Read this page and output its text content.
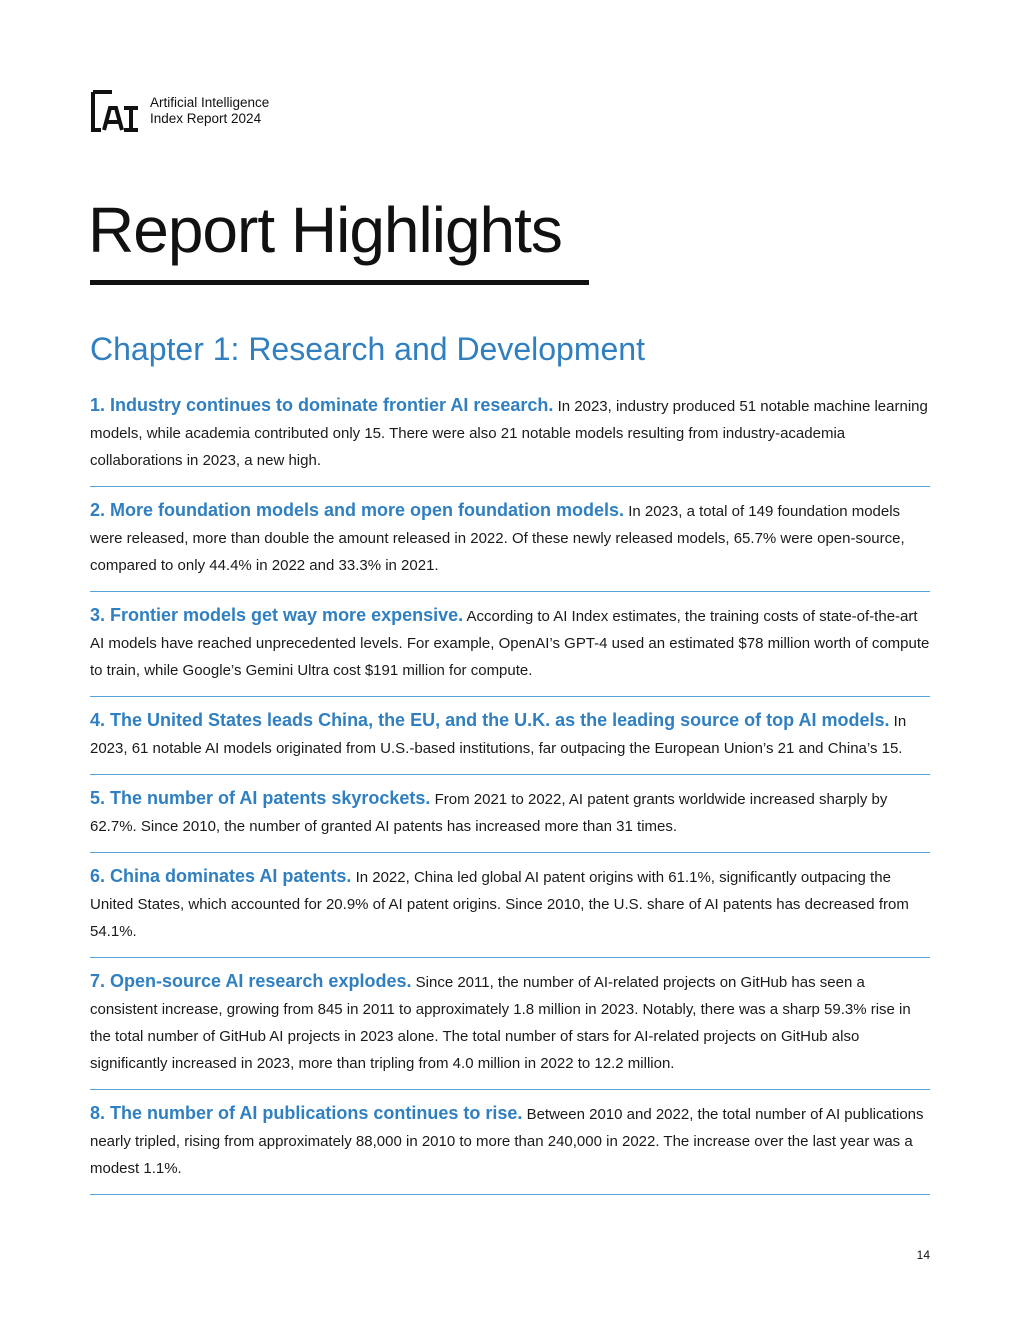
Artificial Intelligence
Index Report 2024
Report Highlights
Chapter 1: Research and Development

1. Industry continues to dominate frontier AI research. In 2023, industry produced 51 notable machine learning models, while academia contributed only 15. There were also 21 notable models resulting from industry-academia collaborations in 2023, a new high.

2. More foundation models and more open foundation models. In 2023, a total of 149 foundation models were released, more than double the amount released in 2022. Of these newly released models, 65.7% were open-source, compared to only 44.4% in 2022 and 33.3% in 2021.

3. Frontier models get way more expensive. According to AI Index estimates, the training costs of state-of-the-art AI models have reached unprecedented levels. For example, OpenAI’s GPT-4 used an estimated $78 million worth of compute to train, while Google’s Gemini Ultra cost $191 million for compute.

4. The United States leads China, the EU, and the U.K. as the leading source of top AI models. In 2023, 61 notable AI models originated from U.S.-based institutions, far outpacing the European Union’s 21 and China’s 15.

5. The number of AI patents skyrockets. From 2021 to 2022, AI patent grants worldwide increased sharply by 62.7%. Since 2010, the number of granted AI patents has increased more than 31 times.

6. China dominates AI patents. In 2022, China led global AI patent origins with 61.1%, significantly outpacing the United States, which accounted for 20.9% of AI patent origins. Since 2010, the U.S. share of AI patents has decreased from 54.1%.

7. Open-source AI research explodes. Since 2011, the number of AI-related projects on GitHub has seen a consistent increase, growing from 845 in 2011 to approximately 1.8 million in 2023. Notably, there was a sharp 59.3% rise in the total number of GitHub AI projects in 2023 alone. The total number of stars for AI-related projects on GitHub also significantly increased in 2023, more than tripling from 4.0 million in 2022 to 12.2 million.

8. The number of AI publications continues to rise. Between 2010 and 2022, the total number of AI publications nearly tripled, rising from approximately 88,000 in 2010 to more than 240,000 in 2022. The increase over the last year was a modest 1.1%.

14
